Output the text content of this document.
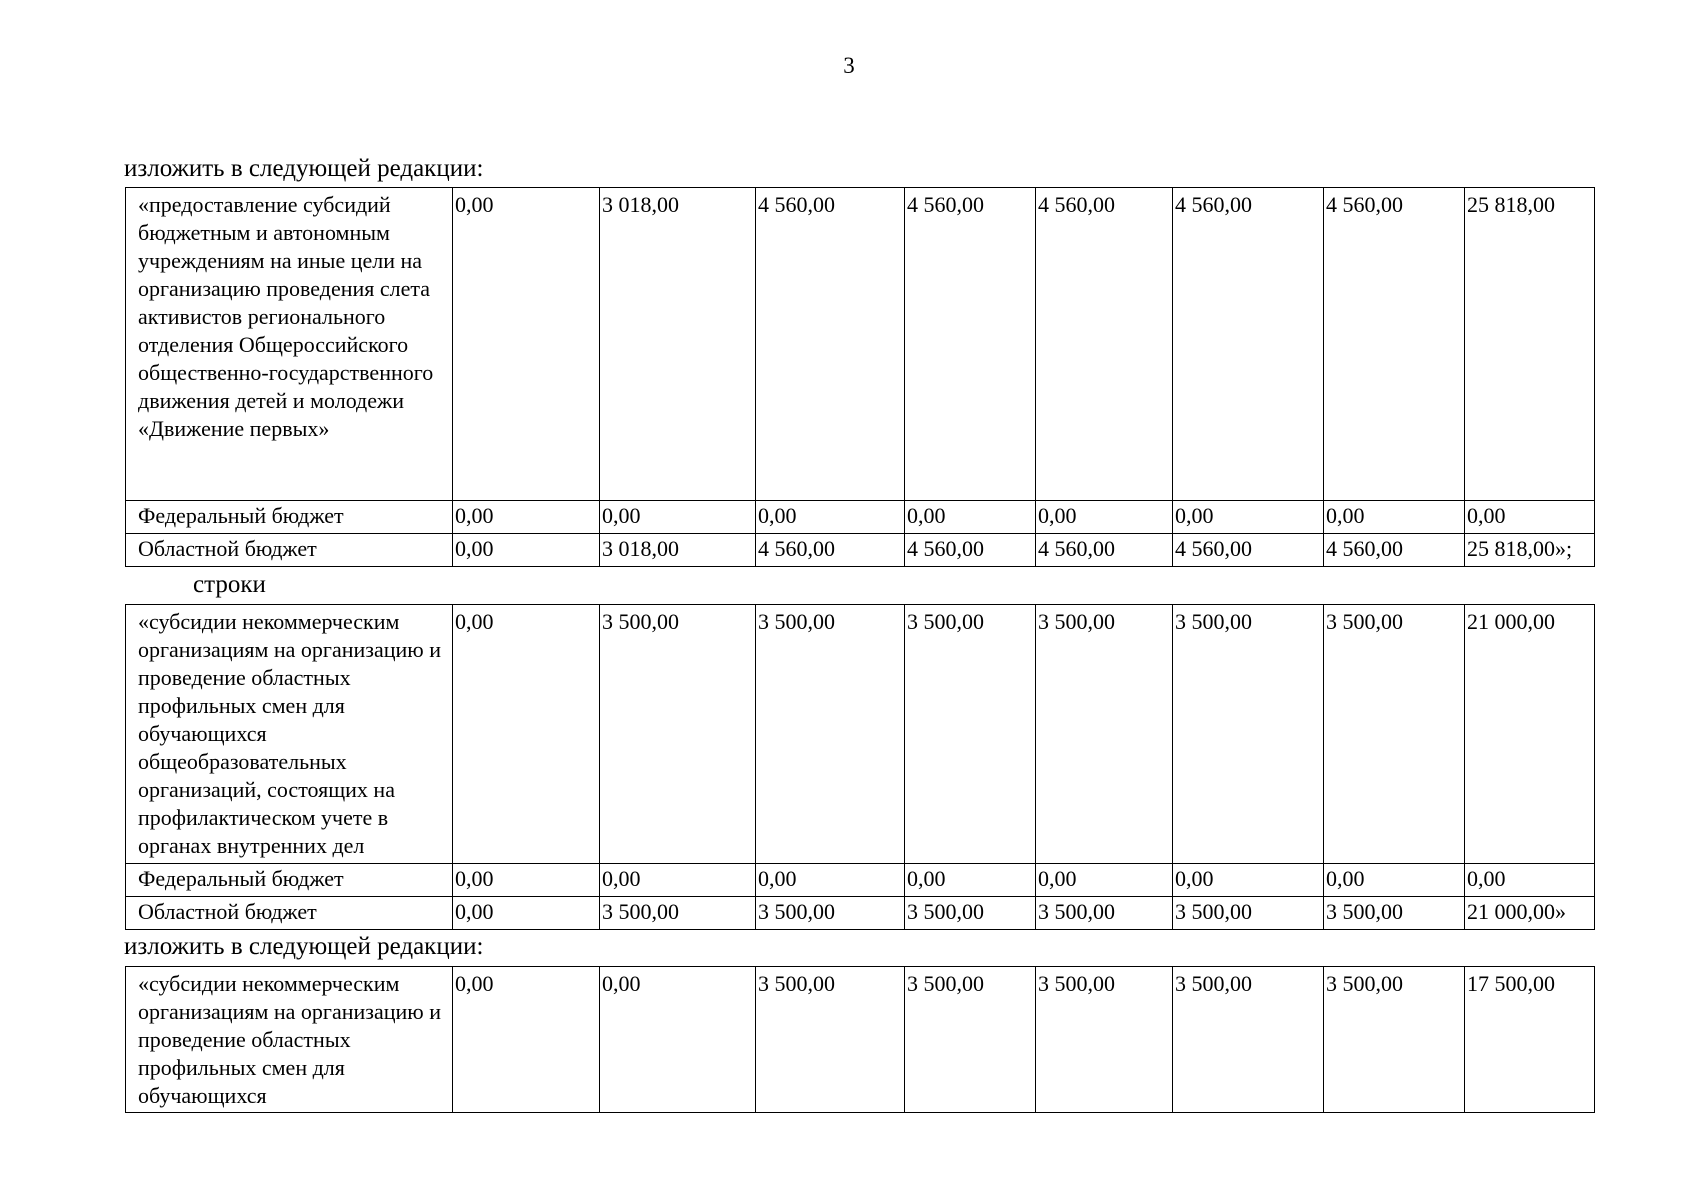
3
изложить в следующей редакции:
«предоставление субсидий бюджетным и автономным учреждениям на иные цели на организацию проведения слета активистов регионального отделения Общероссийского общественно-государственного движения детей и молодежи «Движение первых»	0,00	3 018,00	4 560,00	4 560,00	4 560,00	4 560,00	4 560,00	25 818,00
Федеральный бюджет	0,00	0,00	0,00	0,00	0,00	0,00	0,00	0,00
Областной бюджет	0,00	3 018,00	4 560,00	4 560,00	4 560,00	4 560,00	4 560,00	25 818,00»;
строки
«субсидии некоммерческим организациям на организацию и проведение областных профильных смен для обучающихся общеобразовательных организаций, состоящих на профилактическом учете в органах внутренних дел	0,00	3 500,00	3 500,00	3 500,00	3 500,00	3 500,00	3 500,00	21 000,00
Федеральный бюджет	0,00	0,00	0,00	0,00	0,00	0,00	0,00	0,00
Областной бюджет	0,00	3 500,00	3 500,00	3 500,00	3 500,00	3 500,00	3 500,00	21 000,00»
изложить в следующей редакции:
«субсидии некоммерческим организациям на организацию и проведение областных профильных смен для обучающихся	0,00	0,00	3 500,00	3 500,00	3 500,00	3 500,00	3 500,00	17 500,00
